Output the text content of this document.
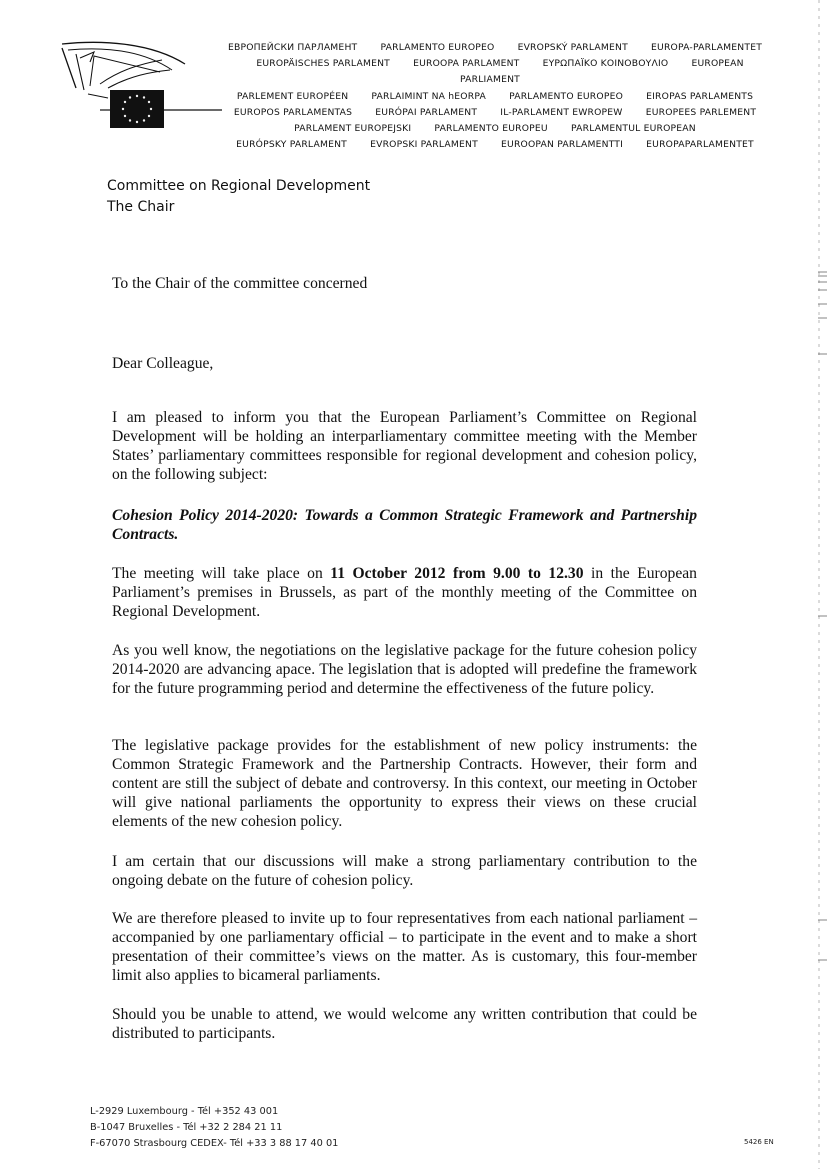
ЕВРОПЕЙСКИ ПАРЛАМЕНТ	PARLAMENTO EUROPEO	EVROPSKÝ PARLAMENT	EUROPA-PARLAMENTET
EUROPÄISCHES PARLAMENT	EUROOPA PARLAMENT	ΕΥΡΩΠΑΪΚΟ ΚΟΙΝΟΒΟΥΛΙΟ	EUROPEAN PARLIAMENT
PARLEMENT EUROPÉEN	PARLAIMINT NA hEORPA	PARLAMENTO EUROPEO	EIROPAS PARLAMENTS
EUROPOS PARLAMENTAS	EURÓPAI PARLAMENT	IL-PARLAMENT EWROPEW	EUROPEES PARLEMENT
PARLAMENT EUROPEJSKI	PARLAMENTO EUROPEU	PARLAMENTUL EUROPEAN
EURÓPSKY PARLAMENT	EVROPSKI PARLAMENT	EUROOPAN PARLAMENTTI	EUROPAPARLAMENTET
Committee on Regional Development
The Chair
To the Chair of the committee concerned
Dear Colleague,
I am pleased to inform you that the European Parliament’s Committee on Regional Development will be holding an interparliamentary committee meeting with the Member States’ parliamentary committees responsible for regional development and cohesion policy, on the following subject:
Cohesion Policy 2014-2020: Towards a Common Strategic Framework and Partnership Contracts.
The meeting will take place on 11 October 2012 from 9.00 to 12.30 in the European Parliament’s premises in Brussels, as part of the monthly meeting of the Committee on Regional Development.
As you well know, the negotiations on the legislative package for the future cohesion policy 2014-2020 are advancing apace. The legislation that is adopted will predefine the framework for the future programming period and determine the effectiveness of the future policy.
The legislative package provides for the establishment of new policy instruments: the Common Strategic Framework and the Partnership Contracts. However, their form and content are still the subject of debate and controversy. In this context, our meeting in October will give national parliaments the opportunity to express their views on these crucial elements of the new cohesion policy.
I am certain that our discussions will make a strong parliamentary contribution to the ongoing debate on the future of cohesion policy.
We are therefore pleased to invite up to four representatives from each national parliament – accompanied by one parliamentary official – to participate in the event and to make a short presentation of their committee’s views on the matter. As is customary, this four-member limit also applies to bicameral parliaments.
Should you be unable to attend, we would welcome any written contribution that could be distributed to participants.
L-2929 Luxembourg - Tél +352 43 001
B-1047 Bruxelles - Tél +32 2 284 21 11
F-67070 Strasbourg CEDEX- Tél +33 3 88 17 40 01	5426 EN
